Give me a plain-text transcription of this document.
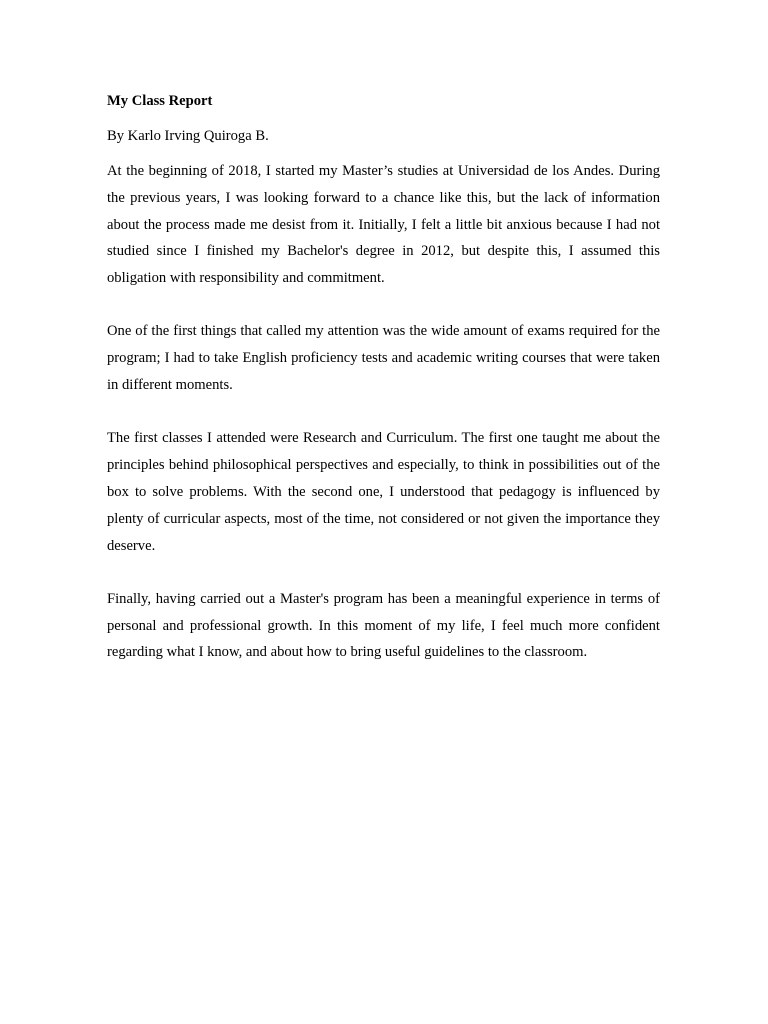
My Class Report

By Karlo Irving Quiroga B.

At the beginning of 2018, I started my Master’s studies at Universidad de los Andes. During the previous years, I was looking forward to a chance like this, but the lack of information about the process made me desist from it. Initially, I felt a little bit anxious because I had not studied since I finished my Bachelor's degree in 2012, but despite this, I assumed this obligation with responsibility and commitment.

One of the first things that called my attention was the wide amount of exams required for the program; I had to take English proficiency tests and academic writing courses that were taken in different moments.

The first classes I attended were Research and Curriculum. The first one taught me about the principles behind philosophical perspectives and especially, to think in possibilities out of the box to solve problems. With the second one, I understood that pedagogy is influenced by plenty of curricular aspects, most of the time, not considered or not given the importance they deserve.

Finally, having carried out a Master's program has been a meaningful experience in terms of personal and professional growth. In this moment of my life, I feel much more confident regarding what I know, and about how to bring useful guidelines to the classroom.
